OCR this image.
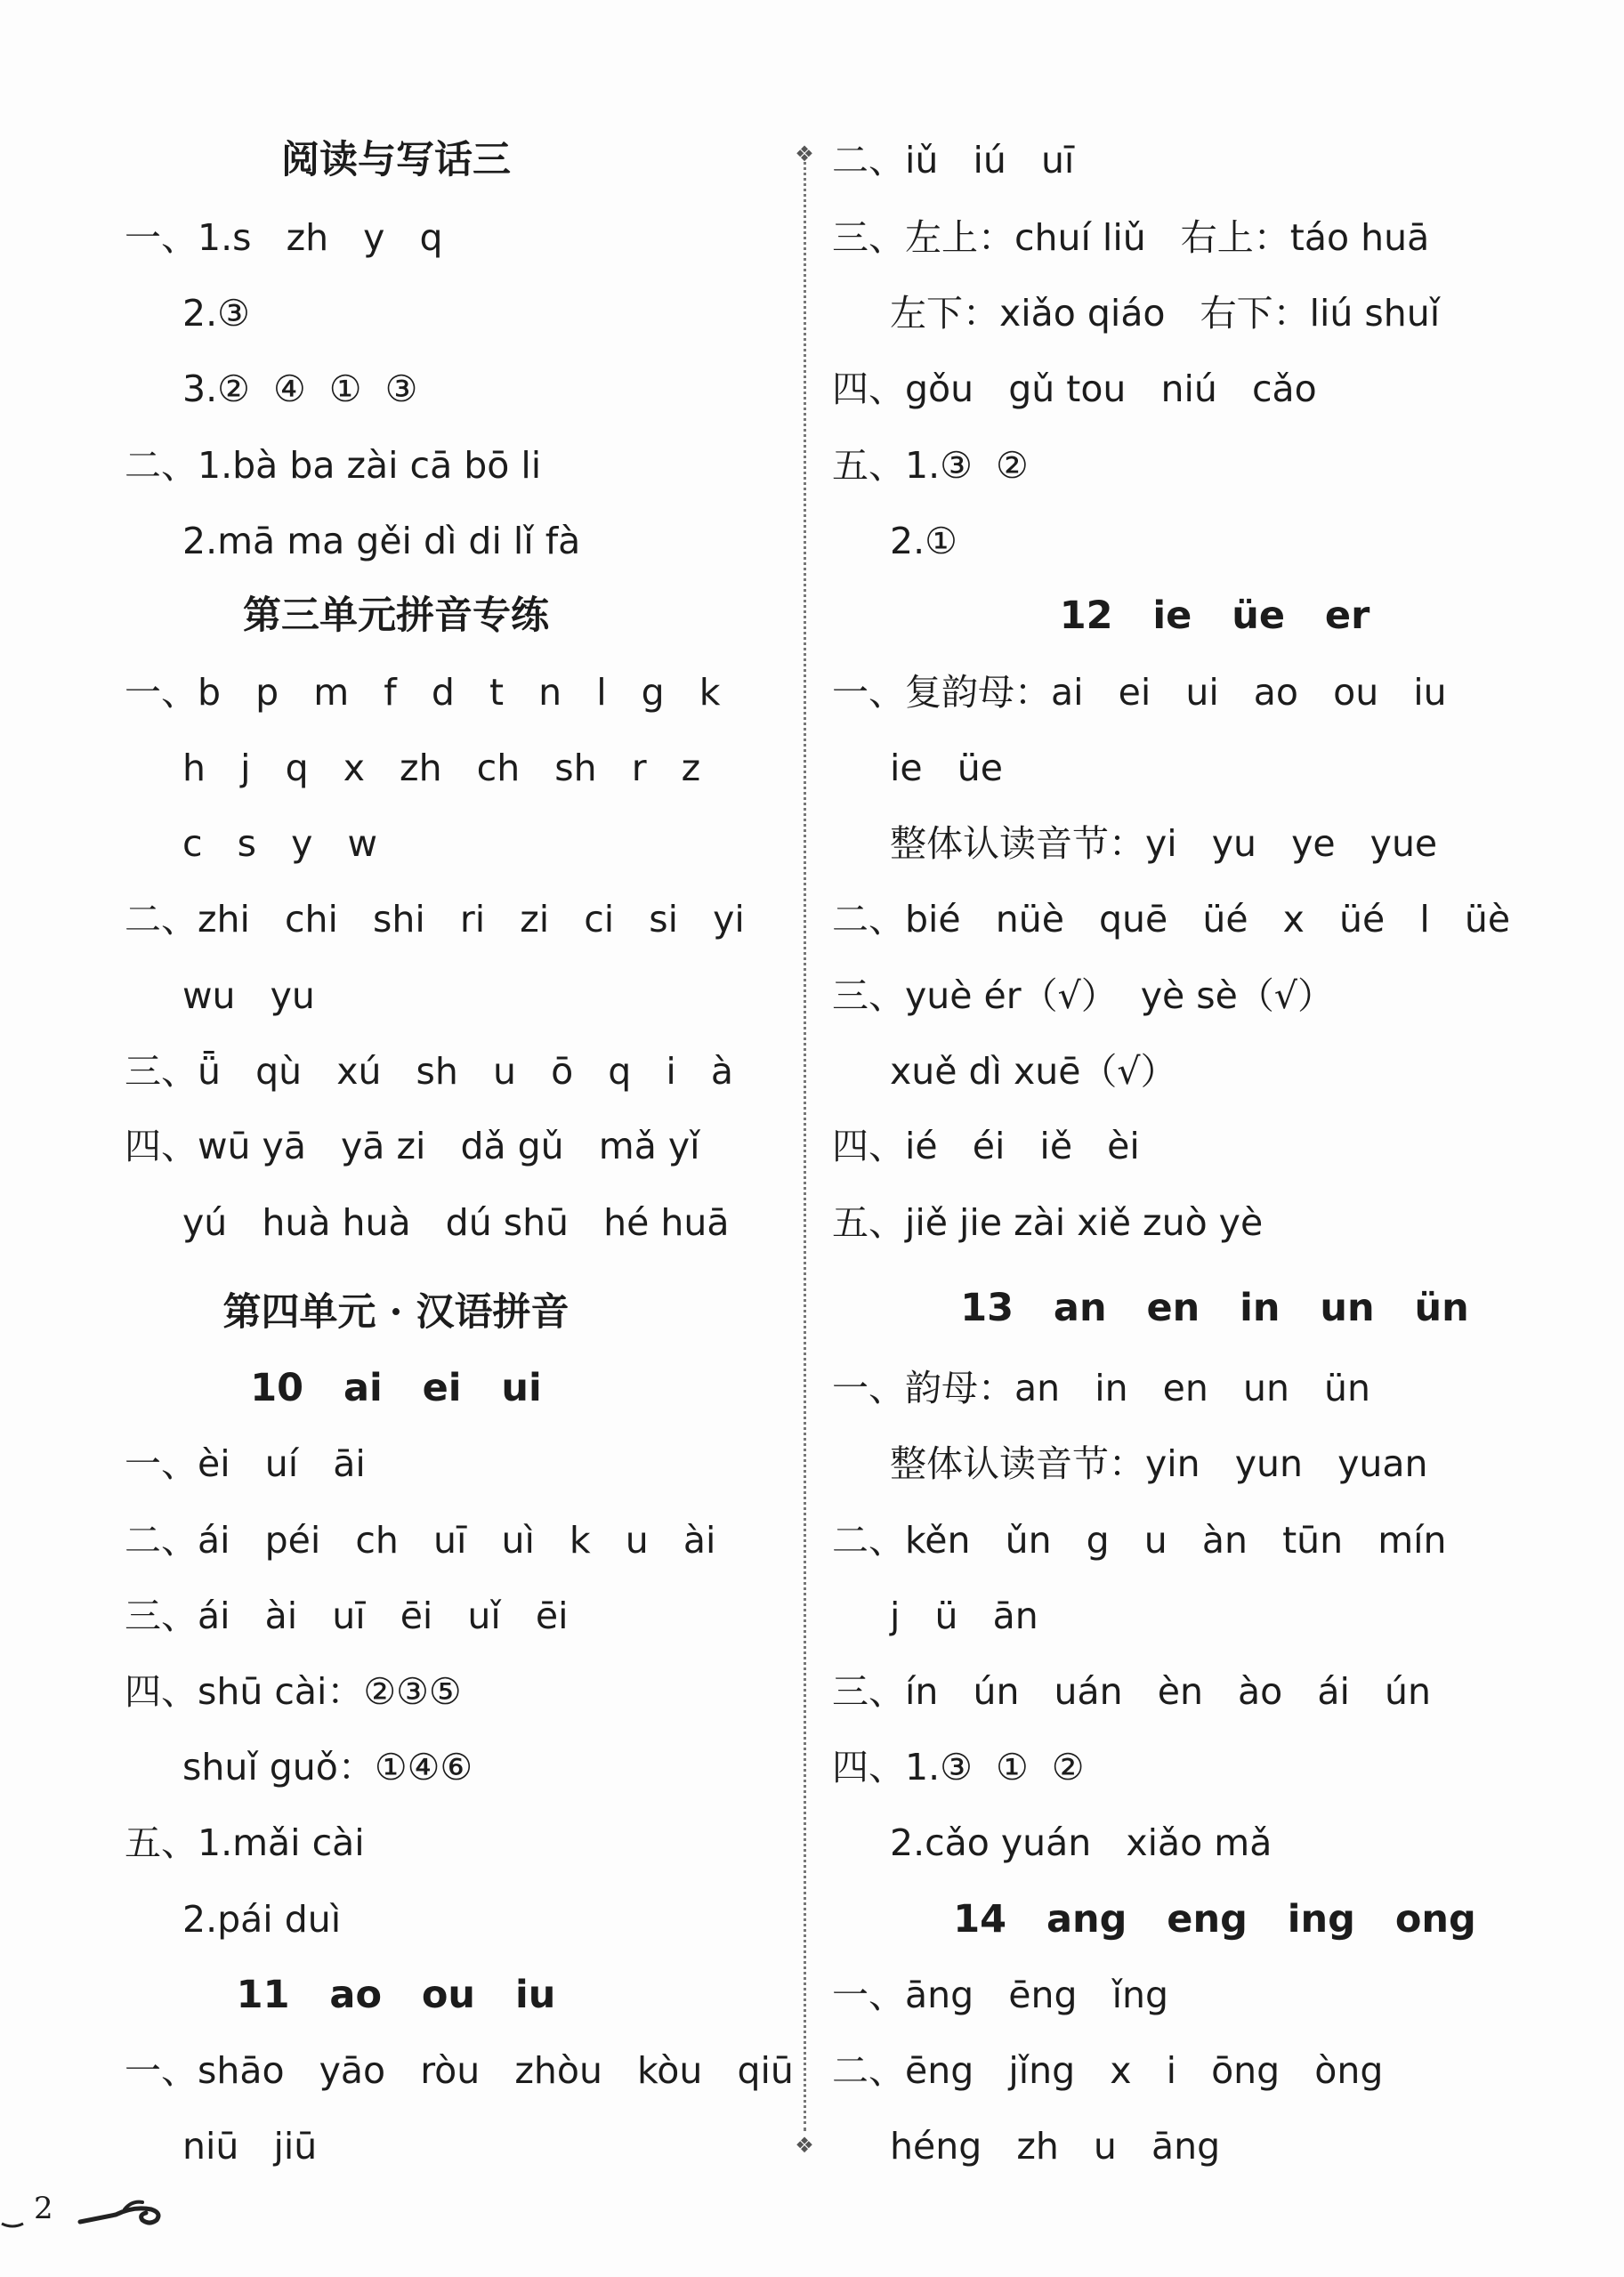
阅读与写话三
一、1.s   zh   y   q
2.③
3.②  ④  ①  ③
二、1.bà ba zài cā bō li
2.mā ma gěi dì di lǐ fà
第三单元拼音专练
一、b   p   m   f   d   t   n   l   g   k
h   j   q   x   zh   ch   sh   r   z
c   s   y   w
二、zhi   chi   shi   ri   zi   ci   si   yi
wu   yu
三、ǖ   qù   xú   sh   u   ō   q   i   à
四、wū yā   yā zi   dǎ gǔ   mǎ yǐ
yú   huà huà   dú shū   hé huā
第四单元 · 汉语拼音
10   ai   ei   ui
一、èi   uí   āi
二、ái   péi   ch   uī   uì   k   u   ài
三、ái   ài   uī   ēi   uǐ   ēi
四、shū cài：②③⑤
shuǐ guǒ：①④⑥
五、1.mǎi cài
2.pái duì
11   ao   ou   iu
一、shāo   yāo   ròu   zhòu   kòu   qiū
niū   jiū
❖
❖
二、iǔ   iú   uī
三、左上：chuí liǔ   右上：táo huā
左下：xiǎo qiáo   右下：liú shuǐ
四、gǒu   gǔ tou   niú   cǎo
五、1.③  ②
2.①
12   ie   üe   er
一、复韵母：ai   ei   ui   ao   ou   iu
ie   üe
整体认读音节：yi   yu   ye   yue
二、bié   nüè   quē   üé   x   üé   l   üè
三、yuè ér（√）  yè sè（√）
xuě dì xuē（√）
四、ié   éi   iě   èi
五、jiě jie zài xiě zuò yè
13   an   en   in   un   ün
一、韵母：an   in   en   un   ün
整体认读音节：yin   yun   yuan
二、kěn   ǔn   g   u   àn   tūn   mín
j   ü   ān
三、ín   ún   uán   èn   ào   ái   ún
四、1.③  ①  ②
2.cǎo yuán   xiǎo mǎ
14   ang   eng   ing   ong
一、āng   ēng   ǐng
二、ēng   jǐng   x   i   ōng   òng
héng   zh   u   āng
2
